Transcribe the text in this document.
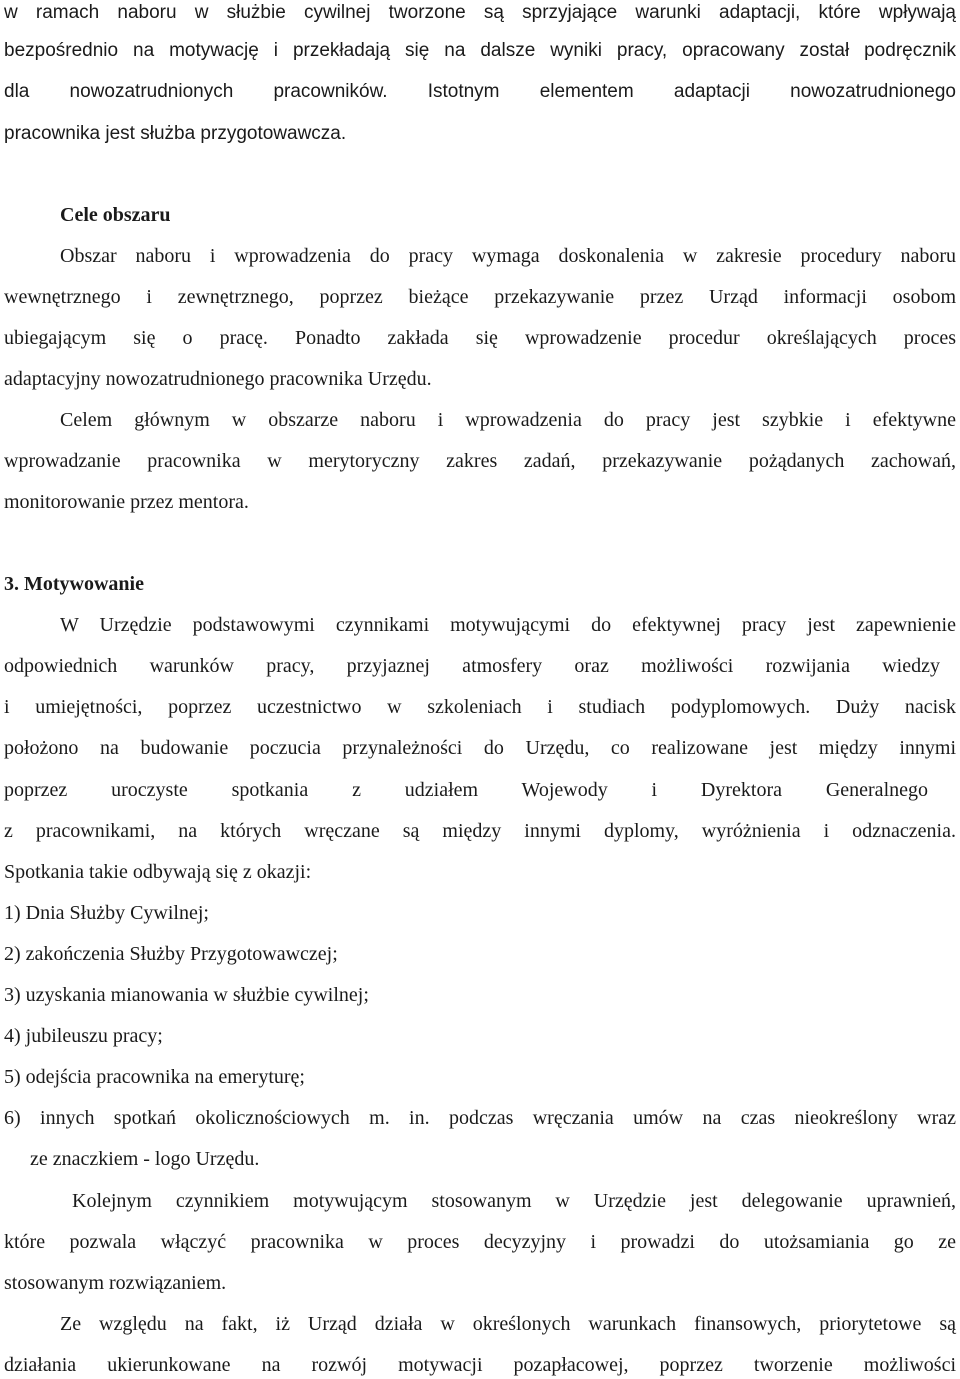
w ramach naboru w służbie cywilnej tworzone są sprzyjające warunki adaptacji, które wpływają
bezpośrednio na motywację i przekładają się na dalsze wyniki pracy, opracowany został podręcznik
dla nowozatrudnionych pracowników. Istotnym elementem adaptacji nowozatrudnionego
pracownika jest służba przygotowawcza.
Cele obszaru
Obszar naboru i wprowadzenia do pracy wymaga doskonalenia w zakresie procedury naboru
wewnętrznego i zewnętrznego, poprzez bieżące przekazywanie przez Urząd informacji osobom
ubiegającym się o pracę. Ponadto zakłada się wprowadzenie procedur określających proces
adaptacyjny nowozatrudnionego pracownika Urzędu.
Celem głównym w obszarze naboru i wprowadzenia do pracy jest szybkie i efektywne
wprowadzanie pracownika w merytoryczny zakres zadań, przekazywanie pożądanych zachowań,
monitorowanie przez mentora.
3. Motywowanie
W Urzędzie podstawowymi czynnikami motywującymi do efektywnej pracy jest zapewnienie
odpowiednich warunków pracy, przyjaznej atmosfery oraz możliwości rozwijania wiedzy
i umiejętności, poprzez uczestnictwo w szkoleniach i studiach podyplomowych. Duży nacisk
położono na budowanie poczucia przynależności do Urzędu, co realizowane jest między innymi
poprzez uroczyste spotkania z udziałem Wojewody i Dyrektora Generalnego
z pracownikami, na których wręczane są między innymi dyplomy, wyróżnienia i odznaczenia.
Spotkania takie odbywają się z okazji:
1) Dnia Służby Cywilnej;
2) zakończenia Służby Przygotowawczej;
3) uzyskania mianowania w służbie cywilnej;
4) jubileuszu pracy;
5) odejścia pracownika na emeryturę;
6) innych spotkań okolicznościowych m. in. podczas wręczania umów na czas nieokreślony wraz
ze znaczkiem - logo Urzędu.
Kolejnym czynnikiem motywującym stosowanym w Urzędzie jest delegowanie uprawnień,
które pozwala włączyć pracownika w proces decyzyjny i prowadzi do utożsamiania go ze
stosowanym rozwiązaniem.
Ze względu na fakt, iż Urząd działa w określonych warunkach finansowych, priorytetowe są
działania ukierunkowane na rozwój motywacji pozapłacowej, poprzez tworzenie możliwości
